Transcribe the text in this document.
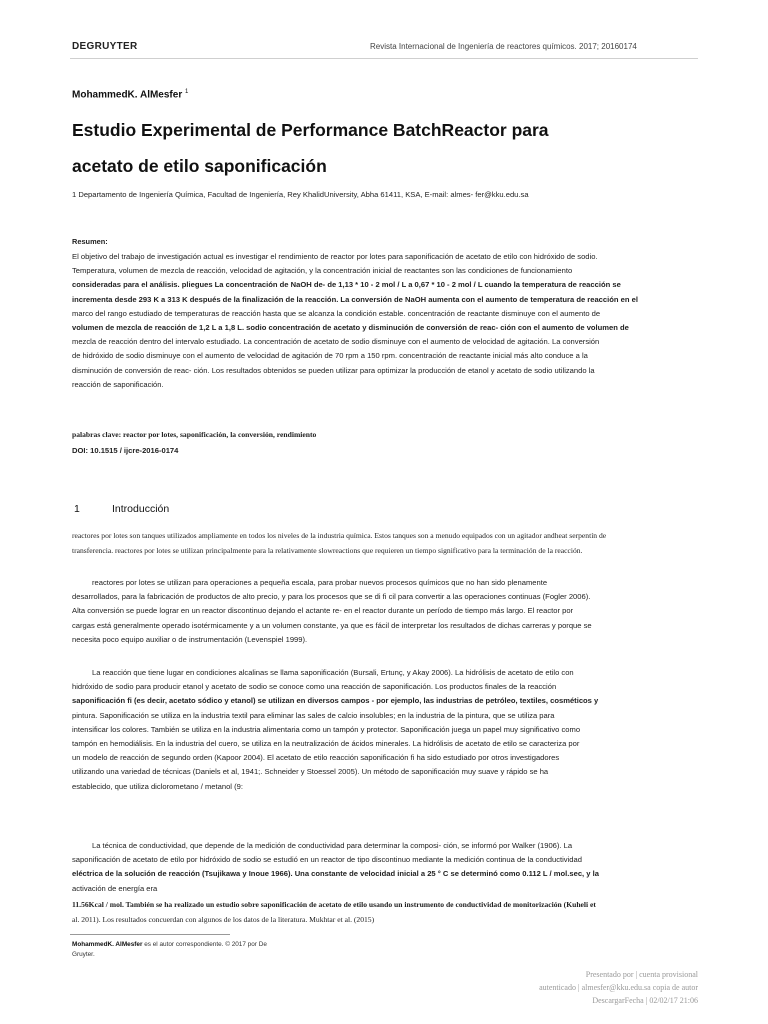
DEGRUYTER	Revista Internacional de Ingeniería de reactores químicos. 2017; 20160174
MohammedK. AlMesfer $^1$
Estudio Experimental de Performance BatchReactor para
acetato de etilo saponificación
1 Departamento de Ingeniería Química, Facultad de Ingeniería, Rey KhalidUniversity, Abha 61411, KSA, E-mail: almes- fer@kku.edu.sa
Resumen:

El objetivo del trabajo de investigación actual es investigar el rendimiento de reactor por lotes para saponificación de acetato de etilo con hidróxido de sodio.

Temperatura, volumen de mezcla de reacción, velocidad de agitación, y la concentración inicial de reactantes son las condiciones de funcionamiento

consideradas para el análisis. pliegues La concentración de NaOH de- de 1,13 * 10 - 2 mol / L a 0,67 * 10 - 2 mol / L cuando la temperatura de reacción se

incrementa desde 293 K a 313 K después de la finalización de la reacción. La conversión de NaOH aumenta con el aumento de temperatura de reacción en el

marco del rango estudiado de temperaturas de reacción hasta que se alcanza la condición estable. concentración de reactante disminuye con el aumento de

volumen de mezcla de reacción de 1,2 L a 1,8 L. sodio concentración de acetato y disminución de conversión de reac- ción con el aumento de volumen de

mezcla de reacción dentro del intervalo estudiado. La concentración de acetato de sodio disminuye con el aumento de velocidad de agitación. La conversión

de hidróxido de sodio disminuye con el aumento de velocidad de agitación de 70 rpm a 150 rpm. concentración de reactante inicial más alto conduce a la

disminución de conversión de reac- ción. Los resultados obtenidos se pueden utilizar para optimizar la producción de etanol y acetato de sodio utilizando la

reacción de saponificación.

palabras clave: reactor por lotes, saponificación, la conversión, rendimiento
DOI: 10.1515 / ijcre-2016-0174
1	Introducción

reactores por lotes son tanques utilizados ampliamente en todos los niveles de la industria química. Estos tanques son a menudo equipados con un agitador andheat serpentín de

transferencia. reactores por lotes se utilizan principalmente para la relativamente slowreactions que requieren un tiempo significativo para la terminación de la reacción.

reactores por lotes se utilizan para operaciones a pequeña escala, para probar nuevos procesos químicos que no han sido plenamente

desarrollados, para la fabricación de productos de alto precio, y para los procesos que se di fi cil para convertir a las operaciones continuas (Fogler 2006).

Alta conversión se puede lograr en un reactor discontinuo dejando el actante re- en el reactor durante un período de tiempo más largo. El reactor por

cargas está generalmente operado isotérmicamente y a un volumen constante, ya que es fácil de interpretar los resultados de dichas carreras y porque se

necesita poco equipo auxiliar o de instrumentación (Levenspiel 1999).

La reacción que tiene lugar en condiciones alcalinas se llama saponificación (Bursali, Ertunç, y Akay 2006). La hidrólisis de acetato de etilo con

hidróxido de sodio para producir etanol y acetato de sodio se conoce como una reacción de saponificación. Los productos finales de la reacción

saponificación fi (es decir, acetato sódico y etanol) se utilizan en diversos campos - por ejemplo, las industrias de petróleo, textiles, cosméticos y

pintura. Saponificación se utiliza en la industria textil para eliminar las sales de calcio insolubles; en la industria de la pintura, que se utiliza para

intensificar los colores. También se utiliza en la industria alimentaria como un tampón y protector. Saponificación juega un papel muy significativo como

tampón en hemodiálisis. En la industria del cuero, se utiliza en la neutralización de ácidos minerales. La hidrólisis de acetato de etilo se caracteriza por

un modelo de reacción de segundo orden (Kapoor 2004). El acetato de etilo reacción saponificación fi ha sido estudiado por otros investigadores

utilizando una variedad de técnicas (Daniels et al, 1941;. Schneider y Stoessel 2005). Un método de saponificación muy suave y rápido se ha

establecido, que utiliza diclorometano / metanol (9:

La técnica de conductividad, que depende de la medición de conductividad para determinar la composi- ción, se informó por Walker (1906). La

saponificación de acetato de etilo por hidróxido de sodio se estudió en un reactor de tipo discontinuo mediante la medición continua de la conductividad

eléctrica de la solución de reacción (Tsujikawa y Inoue 1966). Una constante de velocidad inicial a 25 ° C se determinó como 0.112 L / mol.sec, y la

activación de energía era

11.56Kcal / mol. También se ha realizado un estudio sobre saponificación de acetato de etilo usando un instrumento de conductividad de monitorización (Kuheli et

al. 2011). Los resultados concuerdan con algunos de los datos de la literatura. Mukhtar et al. (2015)

MohammedK. AlMesfer es el autor correspondiente. © 2017 por De
Gruyter.

Presentado por | cuenta provisional

autenticado | almesfer@kku.edu.sa copia de autor

DescargarFecha | 02/02/17 21:06
